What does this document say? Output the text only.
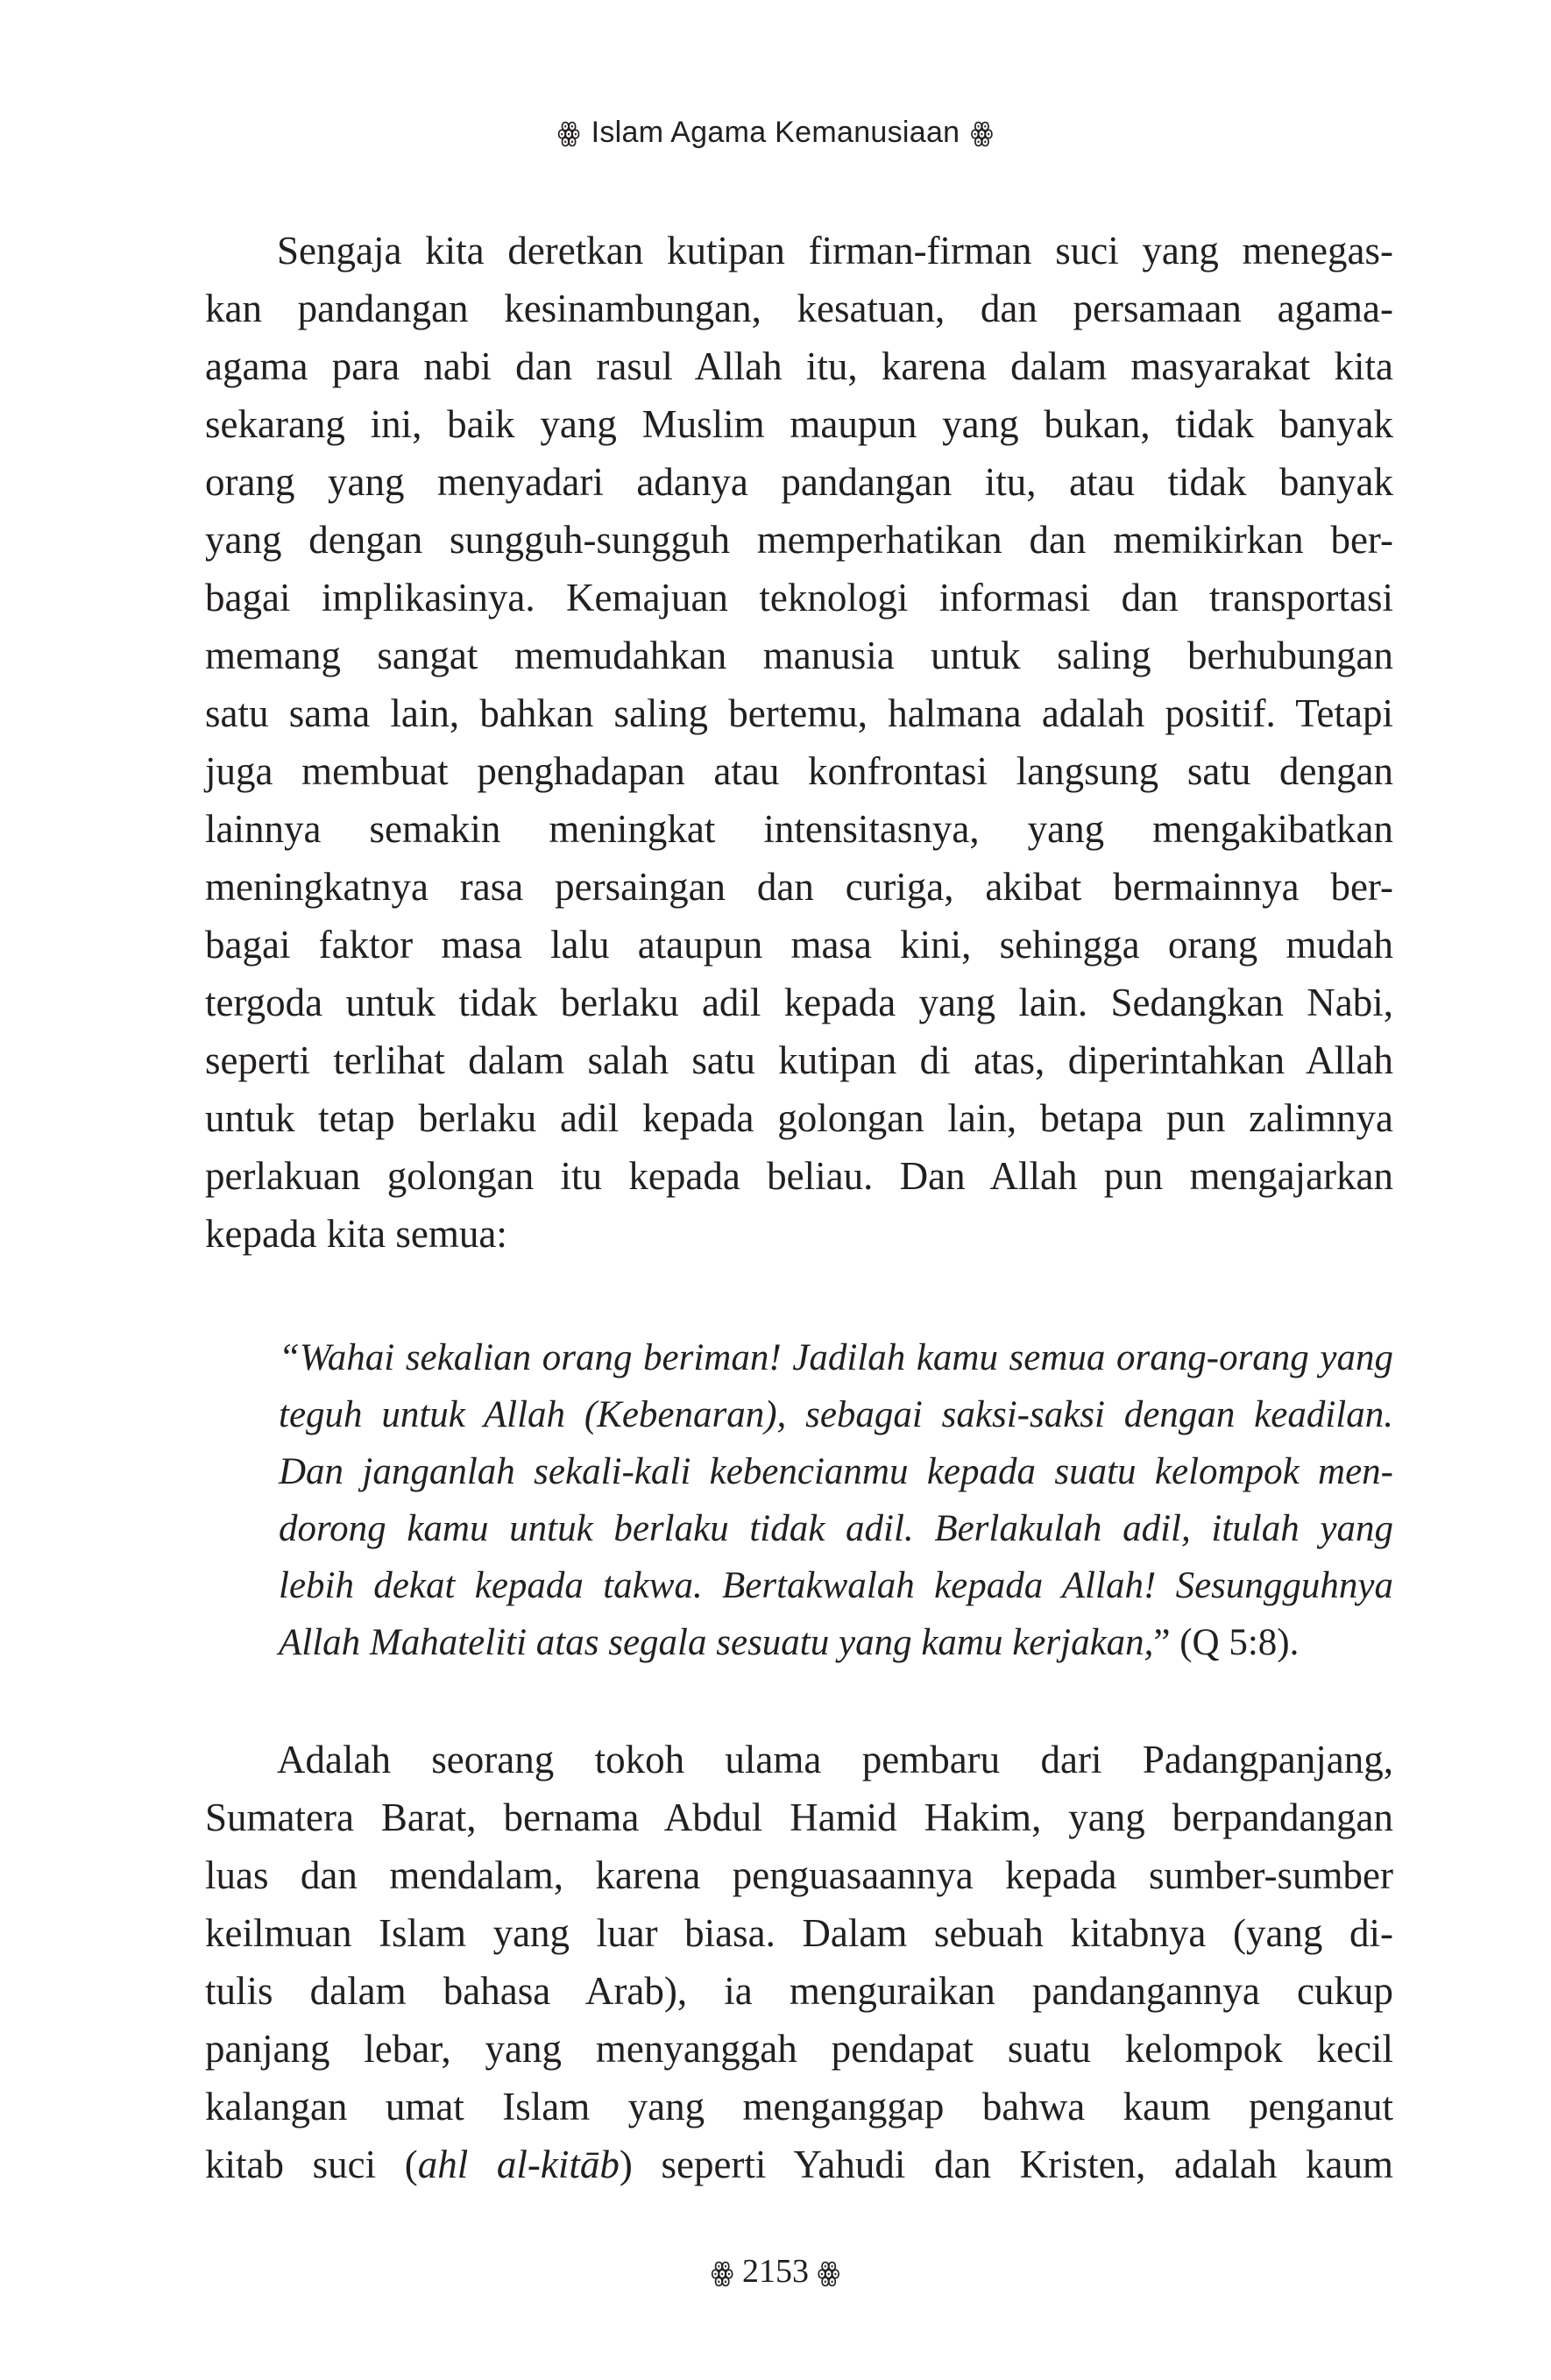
ꙮ Islam Agama Kemanusiaan ꙮ
Sengaja kita deretkan kutipan firman-firman suci yang menegas-
kan pandangan kesinambungan, kesatuan, dan persamaan agama-
agama para nabi dan rasul Allah itu, karena dalam masyarakat kita
sekarang ini, baik yang Muslim maupun yang bukan, tidak banyak
orang yang menyadari adanya pandangan itu, atau tidak banyak
yang dengan sungguh-sungguh memperhatikan dan memikirkan ber-
bagai implikasinya. Kemajuan teknologi informasi dan transportasi
memang sangat memudahkan manusia untuk saling berhubungan
satu sama lain, bahkan saling bertemu, halmana adalah positif. Tetapi
juga membuat penghadapan atau konfrontasi langsung satu dengan
lainnya semakin meningkat intensitasnya, yang mengakibatkan
meningkatnya rasa persaingan dan curiga, akibat bermainnya ber-
bagai faktor masa lalu ataupun masa kini, sehingga orang mudah
tergoda untuk tidak berlaku adil kepada yang lain. Sedangkan Nabi,
seperti terlihat dalam salah satu kutipan di atas, diperintahkan Allah
untuk tetap berlaku adil kepada golongan lain, betapa pun zalimnya
perlakuan golongan itu kepada beliau. Dan Allah pun mengajarkan
kepada kita semua:
“Wahai sekalian orang beriman! Jadilah kamu semua orang-orang yang
teguh untuk Allah (Kebenaran), sebagai saksi-saksi dengan keadilan.
Dan janganlah sekali-kali kebencianmu kepada suatu kelompok men-
dorong kamu untuk berlaku tidak adil. Berlakulah adil, itulah yang
lebih dekat kepada takwa. Bertakwalah kepada Allah! Sesungguhnya
Allah Mahateliti atas segala sesuatu yang kamu kerjakan,” (Q 5:8).
Adalah seorang tokoh ulama pembaru dari Padangpanjang,
Sumatera Barat, bernama Abdul Hamid Hakim, yang berpandangan
luas dan mendalam, karena penguasaannya kepada sumber-sumber
keilmuan Islam yang luar biasa. Dalam sebuah kitabnya (yang di-
tulis dalam bahasa Arab), ia menguraikan pandangannya cukup
panjang lebar, yang menyanggah pendapat suatu kelompok kecil
kalangan umat Islam yang menganggap bahwa kaum penganut
kitab suci (ahl al-kitāb) seperti Yahudi dan Kristen, adalah kaum
ꙮ 2153 ꙮ
